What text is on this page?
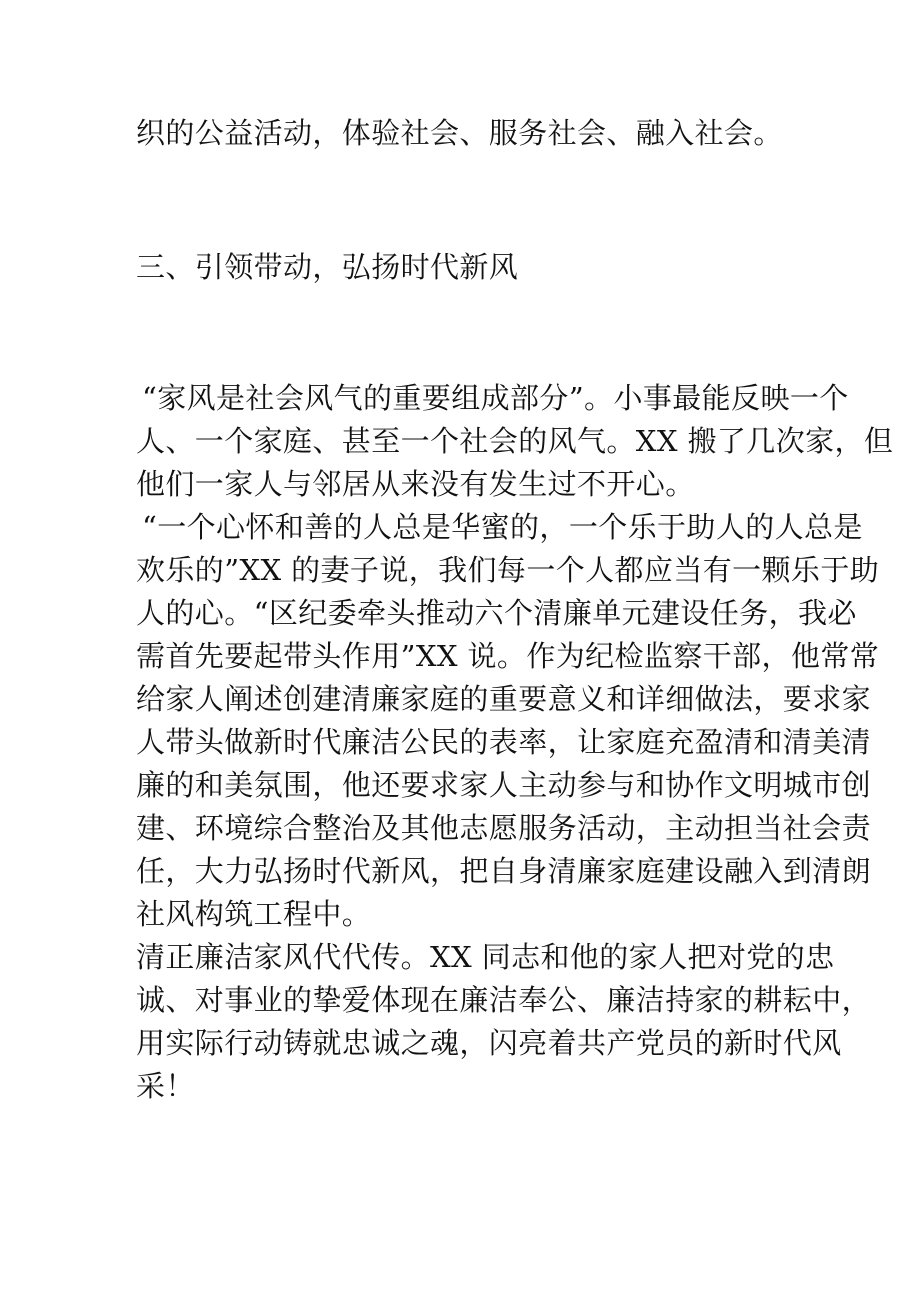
织的公益活动，体验社会、服务社会、融入社会。
三、引领带动，弘扬时代新风
“家风是社会风气的重要组成部分”。小事最能反映一个
人、一个家庭、甚至一个社会的风气。XX 搬了几次家，但
他们一家人与邻居从来没有发生过不开心。
“一个心怀和善的人总是华蜜的，一个乐于助人的人总是
欢乐的”XX 的妻子说，我们每一个人都应当有一颗乐于助
人的心。“区纪委牵头推动六个清廉单元建设任务，我必
需首先要起带头作用”XX 说。作为纪检监察干部，他常常
给家人阐述创建清廉家庭的重要意义和详细做法，要求家
人带头做新时代廉洁公民的表率，让家庭充盈清和清美清
廉的和美氛围，他还要求家人主动参与和协作文明城市创
建、环境综合整治及其他志愿服务活动，主动担当社会责
任，大力弘扬时代新风，把自身清廉家庭建设融入到清朗
社风构筑工程中。
清正廉洁家风代代传。XX 同志和他的家人把对党的忠
诚、对事业的挚爱体现在廉洁奉公、廉洁持家的耕耘中，
用实际行动铸就忠诚之魂，闪亮着共产党员的新时代风
采！
